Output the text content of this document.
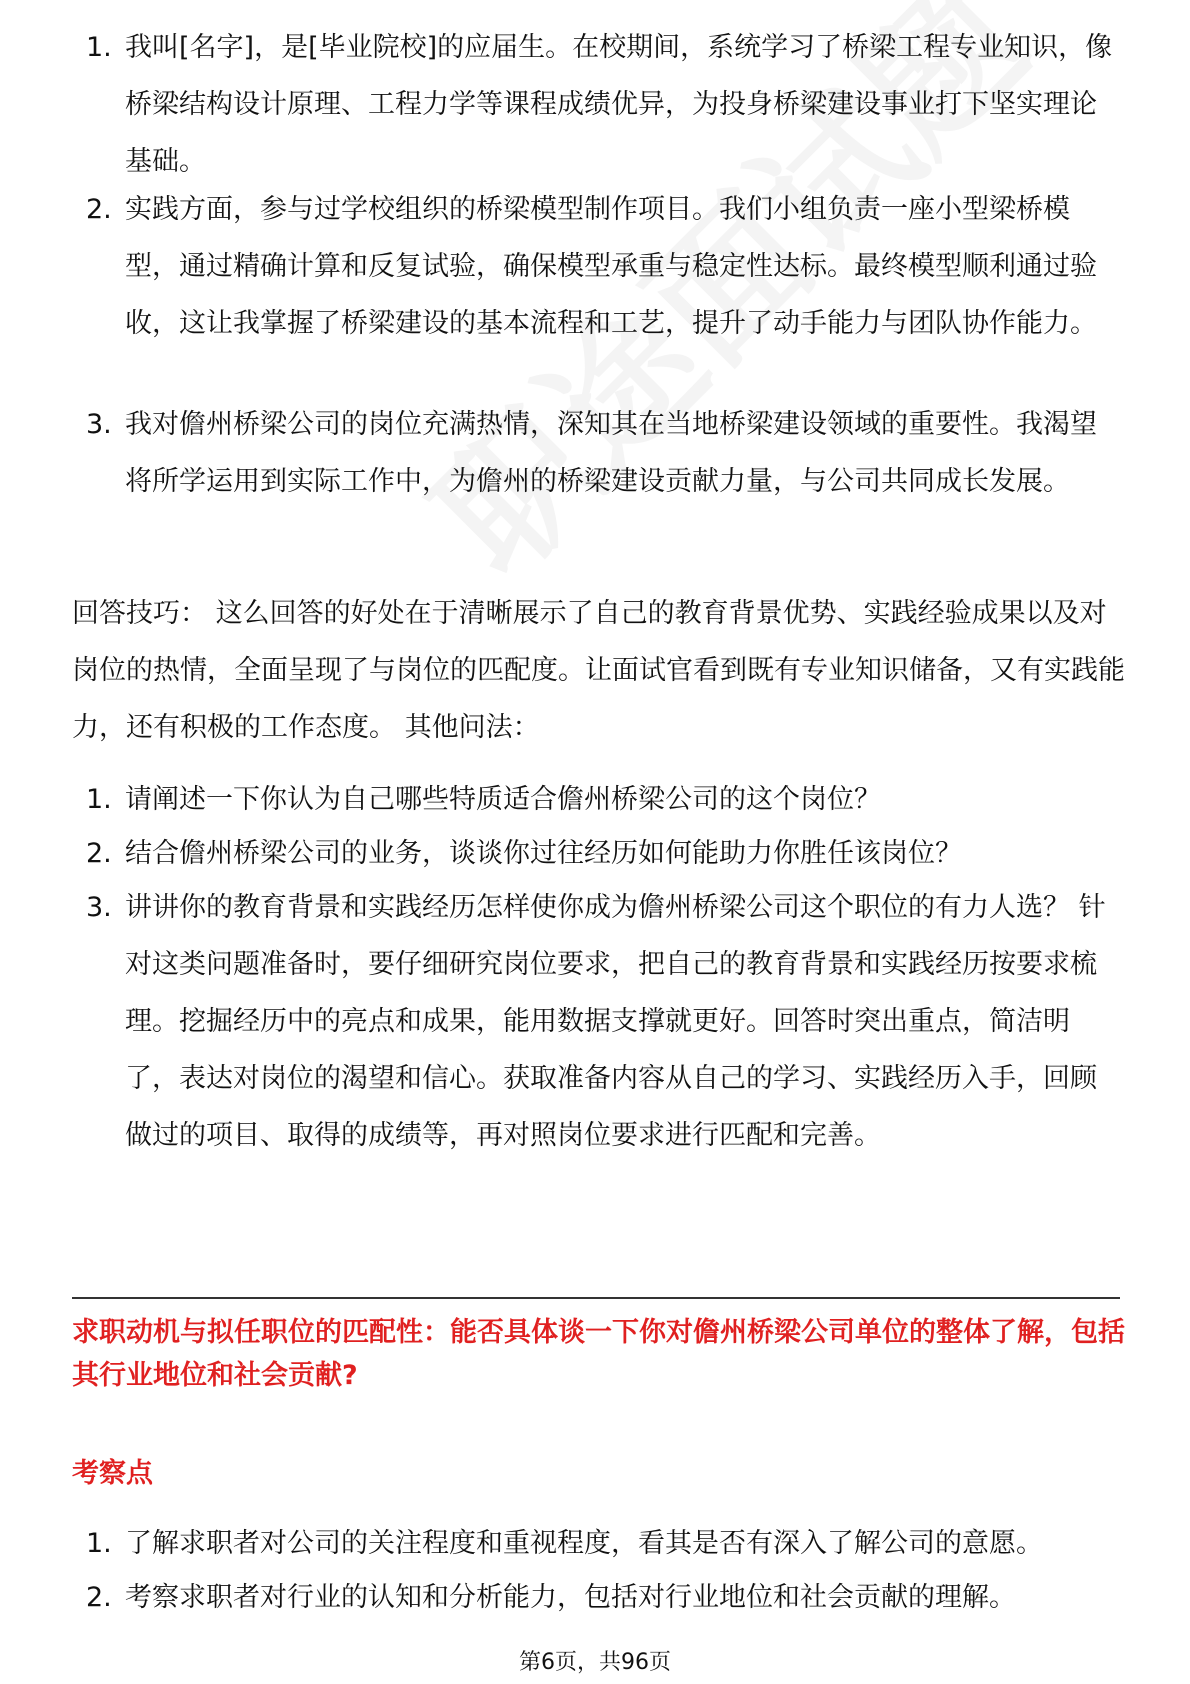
1. 我叫[名字]，是[毕业院校]的应届生。在校期间，系统学习了桥梁工程专业知识，像桥梁结构设计原理、工程力学等课程成绩优异，为投身桥梁建设事业打下坚实理论基础。
2. 实践方面，参与过学校组织的桥梁模型制作项目。我们小组负责一座小型梁桥模型，通过精确计算和反复试验，确保模型承重与稳定性达标。最终模型顺利通过验收，这让我掌握了桥梁建设的基本流程和工艺，提升了动手能力与团队协作能力。
3. 我对儋州桥梁公司的岗位充满热情，深知其在当地桥梁建设领域的重要性。我渴望将所学运用到实际工作中，为儋州的桥梁建设贡献力量，与公司共同成长发展。

回答技巧： 这么回答的好处在于清晰展示了自己的教育背景优势、实践经验成果以及对岗位的热情，全面呈现了与岗位的匹配度。让面试官看到既有专业知识储备，又有实践能力，还有积极的工作态度。 其他问法：

1. 请阐述一下你认为自己哪些特质适合儋州桥梁公司的这个岗位？
2. 结合儋州桥梁公司的业务，谈谈你过往经历如何能助力你胜任该岗位？
3. 讲讲你的教育背景和实践经历怎样使你成为儋州桥梁公司这个职位的有力人选？ 针对这类问题准备时，要仔细研究岗位要求，把自己的教育背景和实践经历按要求梳理。挖掘经历中的亮点和成果，能用数据支撑就更好。回答时突出重点，简洁明了，表达对岗位的渴望和信心。获取准备内容从自己的学习、实践经历入手，回顾做过的项目、取得的成绩等，再对照岗位要求进行匹配和完善。

求职动机与拟任职位的匹配性：能否具体谈一下你对儋州桥梁公司单位的整体了解，包括其行业地位和社会贡献?

考察点

1. 了解求职者对公司的关注程度和重视程度，看其是否有深入了解公司的意愿。
2. 考察求职者对行业的认知和分析能力，包括对行业地位和社会贡献的理解。
第6页，共96页
